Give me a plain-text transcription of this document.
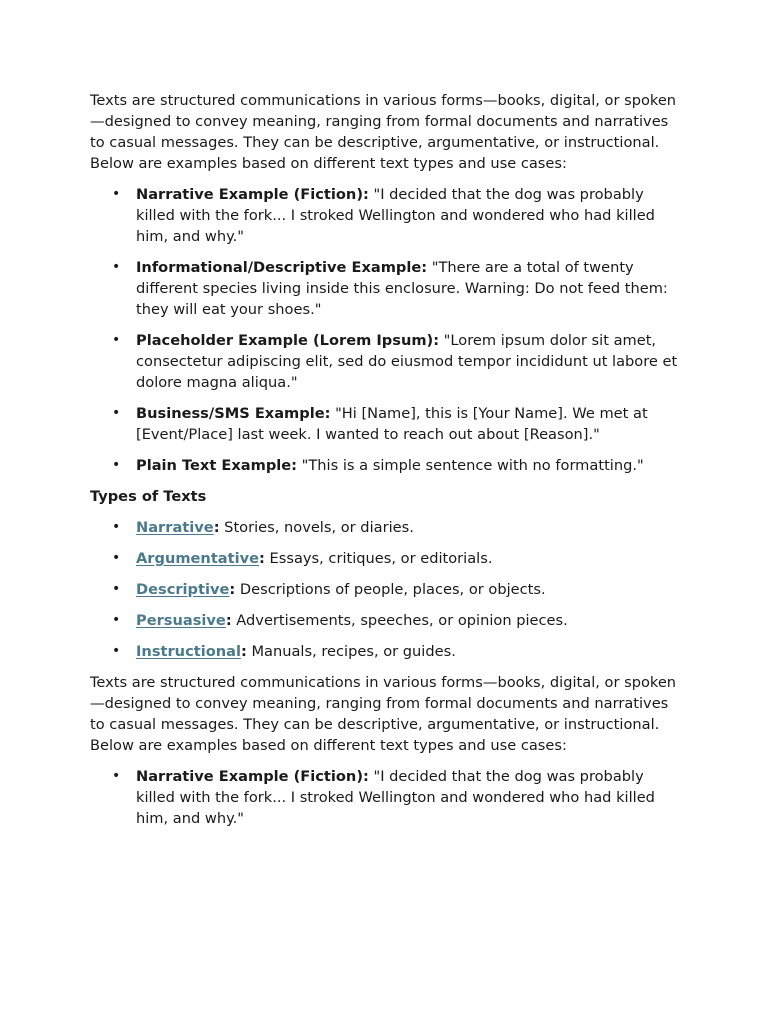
Texts are structured communications in various forms—books, digital, or spoken—designed to convey meaning, ranging from formal documents and narratives to casual messages. They can be descriptive, argumentative, or instructional. Below are examples based on different text types and use cases:

• Narrative Example (Fiction): "I decided that the dog was probably killed with the fork... I stroked Wellington and wondered who had killed him, and why."
• Informational/Descriptive Example: "There are a total of twenty different species living inside this enclosure. Warning: Do not feed them: they will eat your shoes."
• Placeholder Example (Lorem Ipsum): "Lorem ipsum dolor sit amet, consectetur adipiscing elit, sed do eiusmod tempor incididunt ut labore et dolore magna aliqua."
• Business/SMS Example: "Hi [Name], this is [Your Name]. We met at [Event/Place] last week. I wanted to reach out about [Reason]."
• Plain Text Example: "This is a simple sentence with no formatting."

Types of Texts

• Narrative: Stories, novels, or diaries.
• Argumentative: Essays, critiques, or editorials.
• Descriptive: Descriptions of people, places, or objects.
• Persuasive: Advertisements, speeches, or opinion pieces.
• Instructional: Manuals, recipes, or guides.

Texts are structured communications in various forms—books, digital, or spoken—designed to convey meaning, ranging from formal documents and narratives to casual messages. They can be descriptive, argumentative, or instructional. Below are examples based on different text types and use cases:

• Narrative Example (Fiction): "I decided that the dog was probably killed with the fork... I stroked Wellington and wondered who had killed him, and why."
